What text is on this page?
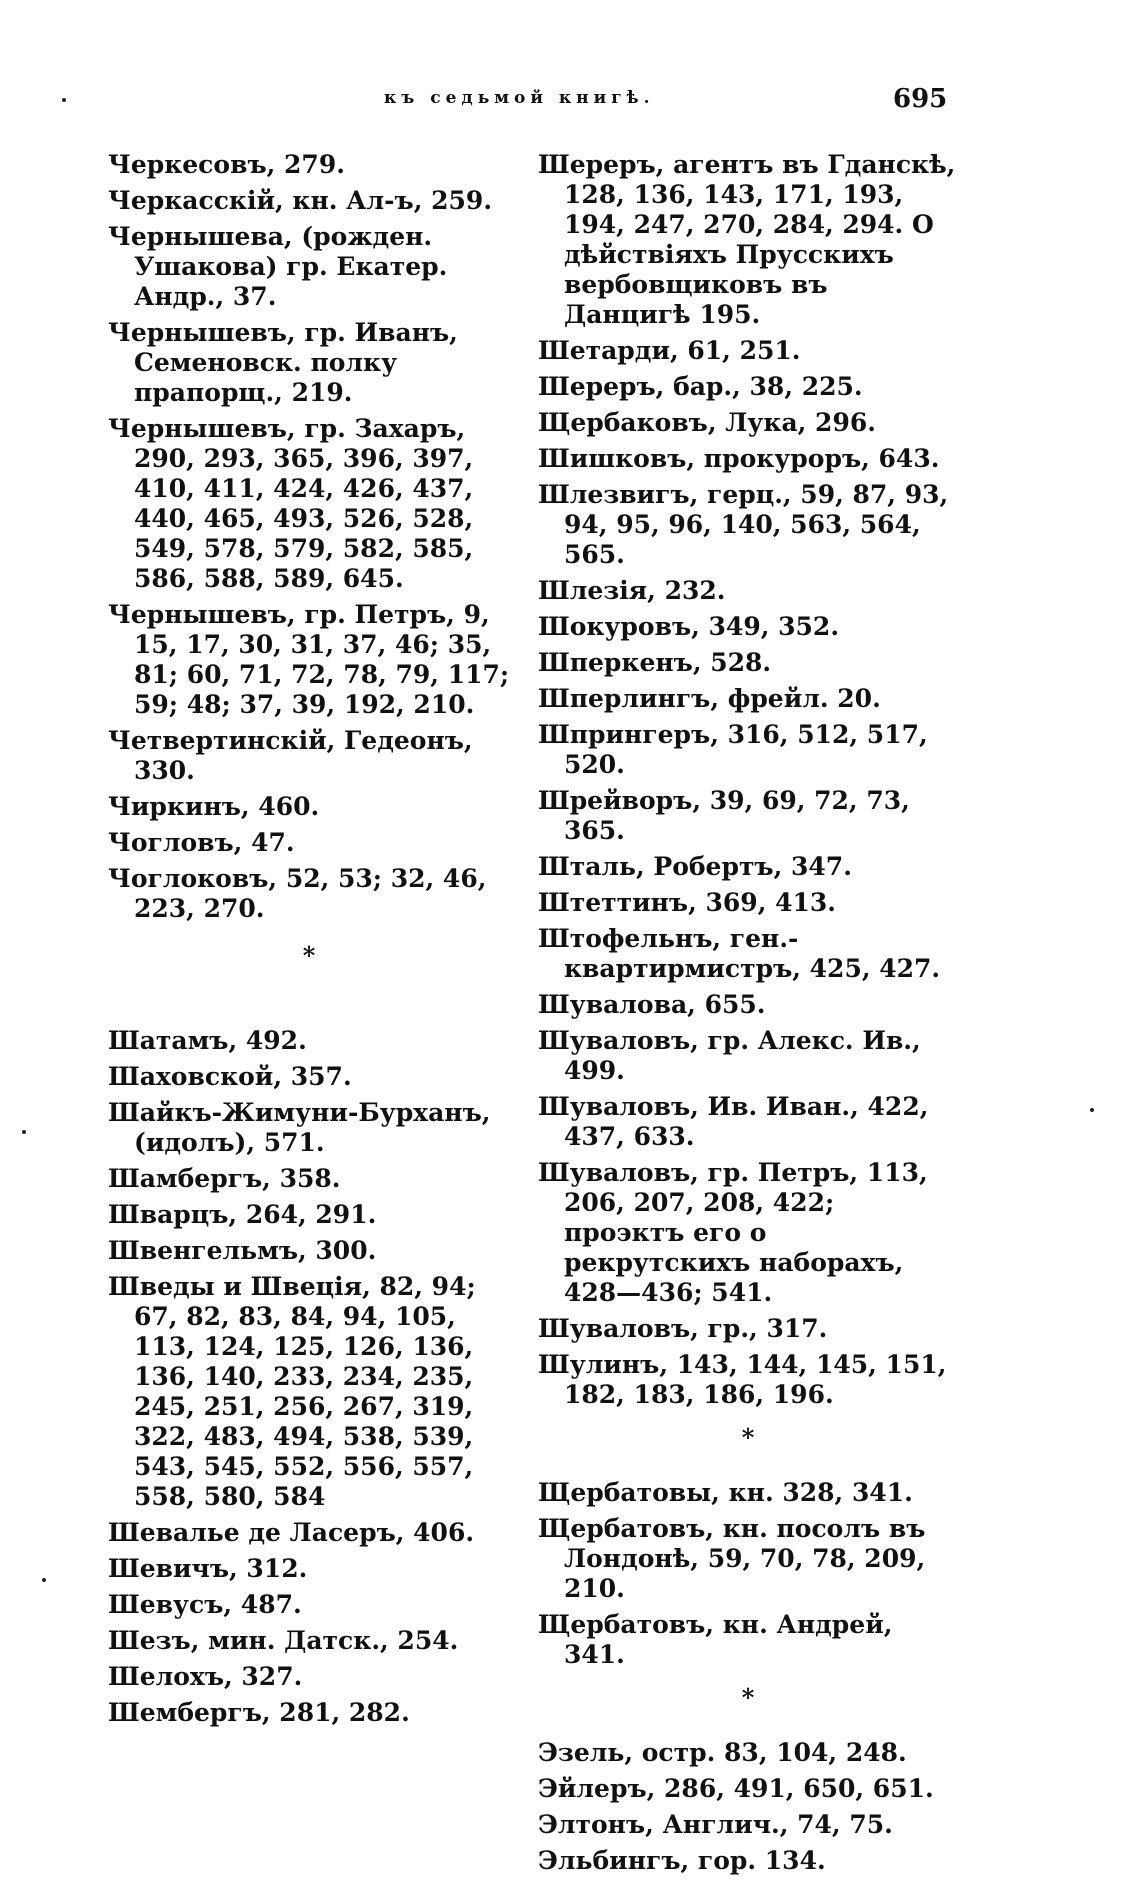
къ седьмой книгѣ.	695

Черкесовъ, 279.

Черкасскій, кн. Ал-ъ, 259.

Чернышева, (рожден. Ушакова) гр. Екатер. Андр., 37.

Чернышевъ, гр. Иванъ, Семеновск. полку прапорщ., 219.

Чернышевъ, гр. Захаръ, 290, 293, 365, 396, 397, 410, 411, 424, 426, 437, 440, 465, 493, 526, 528, 549, 578, 579, 582, 585, 586, 588, 589, 645.

Чернышевъ, гр. Петръ, 9, 15, 17, 30, 31, 37, 46; 35, 81; 60, 71, 72, 78, 79, 117; 59; 48; 37, 39, 192, 210.

Четвертинскій, Гедеонъ, 330.

Чиркинъ, 460.

Чогловъ, 47.

Чоглоковъ, 52, 53; 32, 46, 223, 270.

*

Шатамъ, 492.

Шаховской, 357.

Шайкъ-Жимуни-Бурханъ, (идолъ), 571.

Шамбергъ, 358.

Шварцъ, 264, 291.

Швенгельмъ, 300.

Шведы и Швеція, 82, 94; 67, 82, 83, 84, 94, 105, 113, 124, 125, 126, 136, 136, 140, 233, 234, 235, 245, 251, 256, 267, 319, 322, 483, 494, 538, 539, 543, 545, 552, 556, 557, 558, 580, 584

Шевалье де Ласеръ, 406.

Шевичъ, 312.

Шевусъ, 487.

Шезъ, мин. Датск., 254.

Шелохъ, 327.

Шембергъ, 281, 282.

Шереръ, агентъ въ Гданскѣ, 128, 136, 143, 171, 193, 194, 247, 270, 284, 294. О дѣйствіяхъ Прусскихъ вербовщиковъ въ Данцигѣ 195.

Шетарди, 61, 251.

Шереръ, бар., 38, 225.

Щербаковъ, Лука, 296.

Шишковъ, прокуроръ, 643.

Шлезвигъ, герц., 59, 87, 93, 94, 95, 96, 140, 563, 564, 565.

Шлезія, 232.

Шокуровъ, 349, 352.

Шперкенъ, 528.

Шперлингъ, фрейл. 20.

Шпрингеръ, 316, 512, 517, 520.

Шрейворъ, 39, 69, 72, 73, 365.

Шталь, Робертъ, 347.

Штеттинъ, 369, 413.

Штофельнъ, ген.-квартирмистръ, 425, 427.

Шувалова, 655.

Шуваловъ, гр. Алекс. Ив., 499.

Шуваловъ, Ив. Иван., 422, 437, 633.

Шуваловъ, гр. Петръ, 113, 206, 207, 208, 422; проэктъ его о рекрутскихъ наборахъ, 428—436; 541.

Шуваловъ, гр., 317.

Шулинъ, 143, 144, 145, 151, 182, 183, 186, 196.

*

Щербатовы, кн. 328, 341.

Щербатовъ, кн. посолъ въ Лондонѣ, 59, 70, 78, 209, 210.

Щербатовъ, кн. Андрей, 341.

*

Эзель, остр. 83, 104, 248.

Эйлеръ, 286, 491, 650, 651.

Элтонъ, Англич., 74, 75.

Эльбингъ, гор. 134.
